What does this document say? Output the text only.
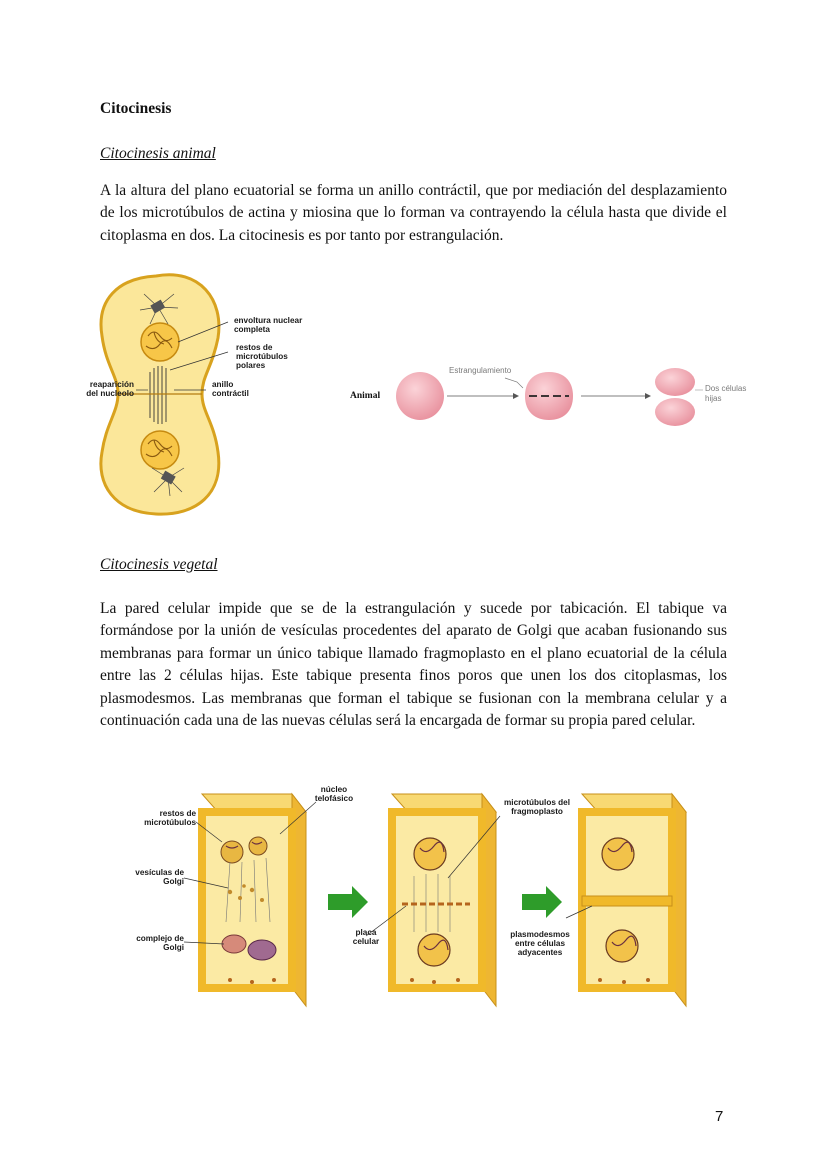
Citocinesis
Citocinesis animal
A la altura del plano ecuatorial se forma un anillo contráctil, que por mediación del desplazamiento de los microtúbulos de actina y miosina que lo forman va contrayendo la célula hasta que divide el citoplasma en dos. La citocinesis es por tanto por estrangulación.
envoltura nuclear completa
restos de microtúbulos polares
reaparición del nucleolo
anillo contráctil	Animal
Estrangulamiento
Dos células hijas
Citocinesis vegetal
La pared celular impide que se de la estrangulación y sucede por tabicación. El tabique va formándose por la unión de vesículas procedentes del aparato de Golgi que acaban fusionando sus membranas para formar un único tabique llamado fragmoplasto en el plano ecuatorial de la célula entre las 2 células hijas. Este tabique presenta finos poros que unen los dos citoplasmas, los plasmodesmos. Las membranas que forman el tabique se fusionan con la membrana celular y a continuación cada una de las nuevas células será la encargada de formar su propia pared celular.
núcleo telofásico
restos de microtúbulos
vesículas de Golgi
complejo de Golgi
placa celular
microtúbulos del fragmoplasto
plasmodesmos entre células adyacentes
7
